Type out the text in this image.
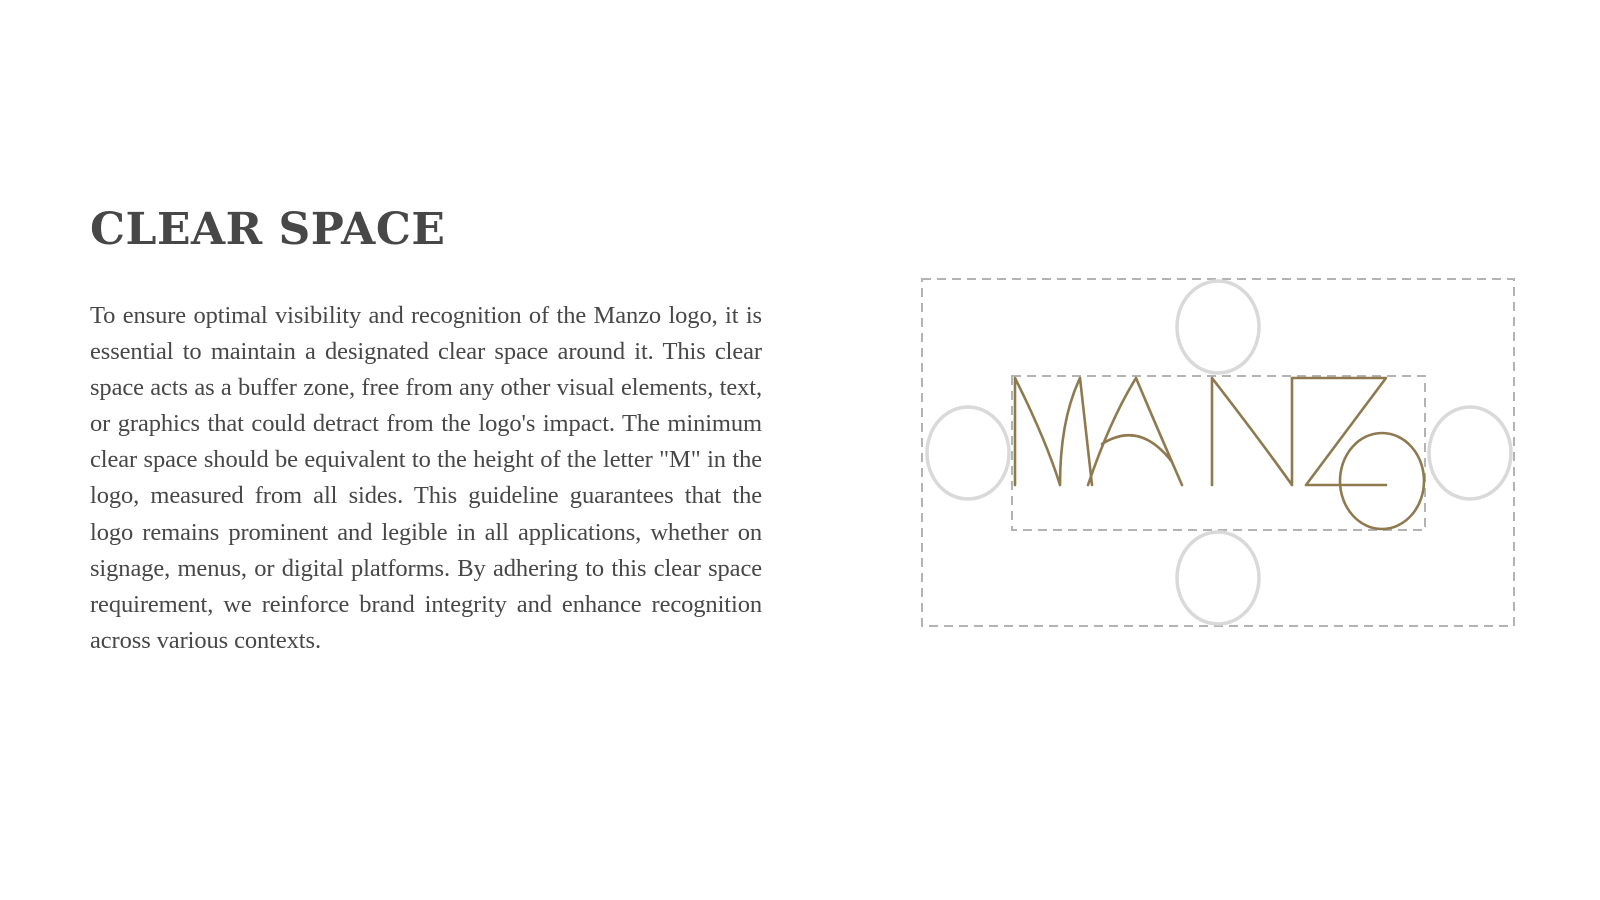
CLEAR SPACE

To ensure optimal visibility and recognition of the Manzo logo, it is essential to maintain a designated clear space around it. This clear space acts as a buffer zone, free from any other visual elements, text, or graphics that could detract from the logo's impact. The minimum clear space should be equivalent to the height of the letter "M" in the logo, measured from all sides. This guideline guarantees that the logo remains prominent and legible in all applications, whether on signage, menus, or digital platforms. By adhering to this clear space requirement, we reinforce brand integrity and enhance recognition across various contexts.
